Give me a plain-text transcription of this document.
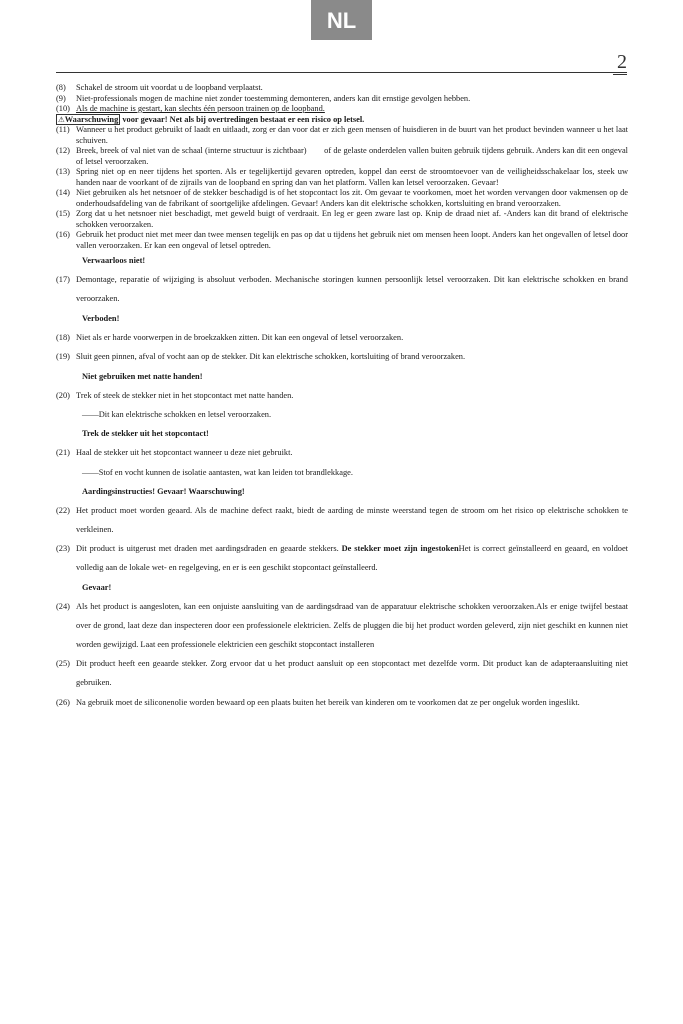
NL
2
(8) Schakel de stroom uit voordat u de loopband verplaatst.
(9) Niet-professionals mogen de machine niet zonder toestemming demonteren, anders kan dit ernstige gevolgen hebben.
(10) Als de machine is gestart, kan slechts één persoon trainen op de loopband.
⚠Waarschuwing voor gevaar! Net als bij overtredingen bestaat er een risico op letsel.
(11) Wanneer u het product gebruikt of laadt en uitlaadt, zorg er dan voor dat er zich geen mensen of huisdieren in de buurt van het product bevinden wanneer u het laat schuiven.
(12) Breek, breek of val niet van de schaal (interne structuur is zichtbaar)        of de gelaste onderdelen vallen buiten gebruik tijdens gebruik. Anders kan dit een ongeval of letsel veroorzaken.
(13) Spring niet op en neer tijdens het sporten. Als er tegelijkertijd gevaren optreden, koppel dan eerst de stroomtoevoer van de veiligheidsschakelaar los, steek uw handen naar de voorkant of de zijrails van de loopband en spring dan van het platform. Vallen kan letsel veroorzaken. Gevaar!
(14) Niet gebruiken als het netsnoer of de stekker beschadigd is of het stopcontact los zit. Om gevaar te voorkomen, moet het worden vervangen door vakmensen op de onderhoudsafdeling van de fabrikant of soortgelijke afdelingen. Gevaar! Anders kan dit elektrische schokken, kortsluiting en brand veroorzaken.
(15) Zorg dat u het netsnoer niet beschadigt, met geweld buigt of verdraait. En leg er geen zware last op. Knip de draad niet af. -Anders kan dit brand of elektrische schokken veroorzaken.
(16) Gebruik het product niet met meer dan twee mensen tegelijk en pas op dat u tijdens het gebruik niet om mensen heen loopt. Anders kan het ongevallen of letsel door vallen veroorzaken. Er kan een ongeval of letsel optreden.
Verwaarloos niet!
(17) Demontage, reparatie of wijziging is absoluut verboden. Mechanische storingen kunnen persoonlijk letsel veroorzaken. Dit kan elektrische schokken en brand veroorzaken.
Verboden!
(18) Niet als er harde voorwerpen in de broekzakken zitten. Dit kan een ongeval of letsel veroorzaken.
(19) Sluit geen pinnen, afval of vocht aan op de stekker. Dit kan elektrische schokken, kortsluiting of brand veroorzaken.
Niet gebruiken met natte handen!
(20) Trek of steek de stekker niet in het stopcontact met natte handen.
——Dit kan elektrische schokken en letsel veroorzaken.
Trek de stekker uit het stopcontact!
(21) Haal de stekker uit het stopcontact wanneer u deze niet gebruikt.
——Stof en vocht kunnen de isolatie aantasten, wat kan leiden tot brandlekkage.
Aardingsinstructies! Gevaar! Waarschuwing!
(22) Het product moet worden geaard. Als de machine defect raakt, biedt de aarding de minste weerstand tegen de stroom om het risico op elektrische schokken te verkleinen.
(23) Dit product is uitgerust met draden met aardingsdraden en geaarde stekkers. De stekker moet zijn ingestokenHet is correct geïnstalleerd en geaard, en voldoet volledig aan de lokale wet- en regelgeving, en er is een geschikt stopcontact geïnstalleerd.
Gevaar!
(24) Als het product is aangesloten, kan een onjuiste aansluiting van de aardingsdraad van de apparatuur elektrische schokken veroorzaken.Als er enige twijfel bestaat over de grond, laat deze dan inspecteren door een professionele elektricien. Zelfs de pluggen die bij het product worden geleverd, zijn niet geschikt en kunnen niet worden gewijzigd. Laat een professionele elektricien een geschikt stopcontact installeren
(25) Dit product heeft een geaarde stekker. Zorg ervoor dat u het product aansluit op een stopcontact met dezelfde vorm. Dit product kan de adapteraansluiting niet gebruiken.
(26) Na gebruik moet de siliconenolie worden bewaard op een plaats buiten het bereik van kinderen om te voorkomen dat ze per ongeluk worden ingeslikt.
